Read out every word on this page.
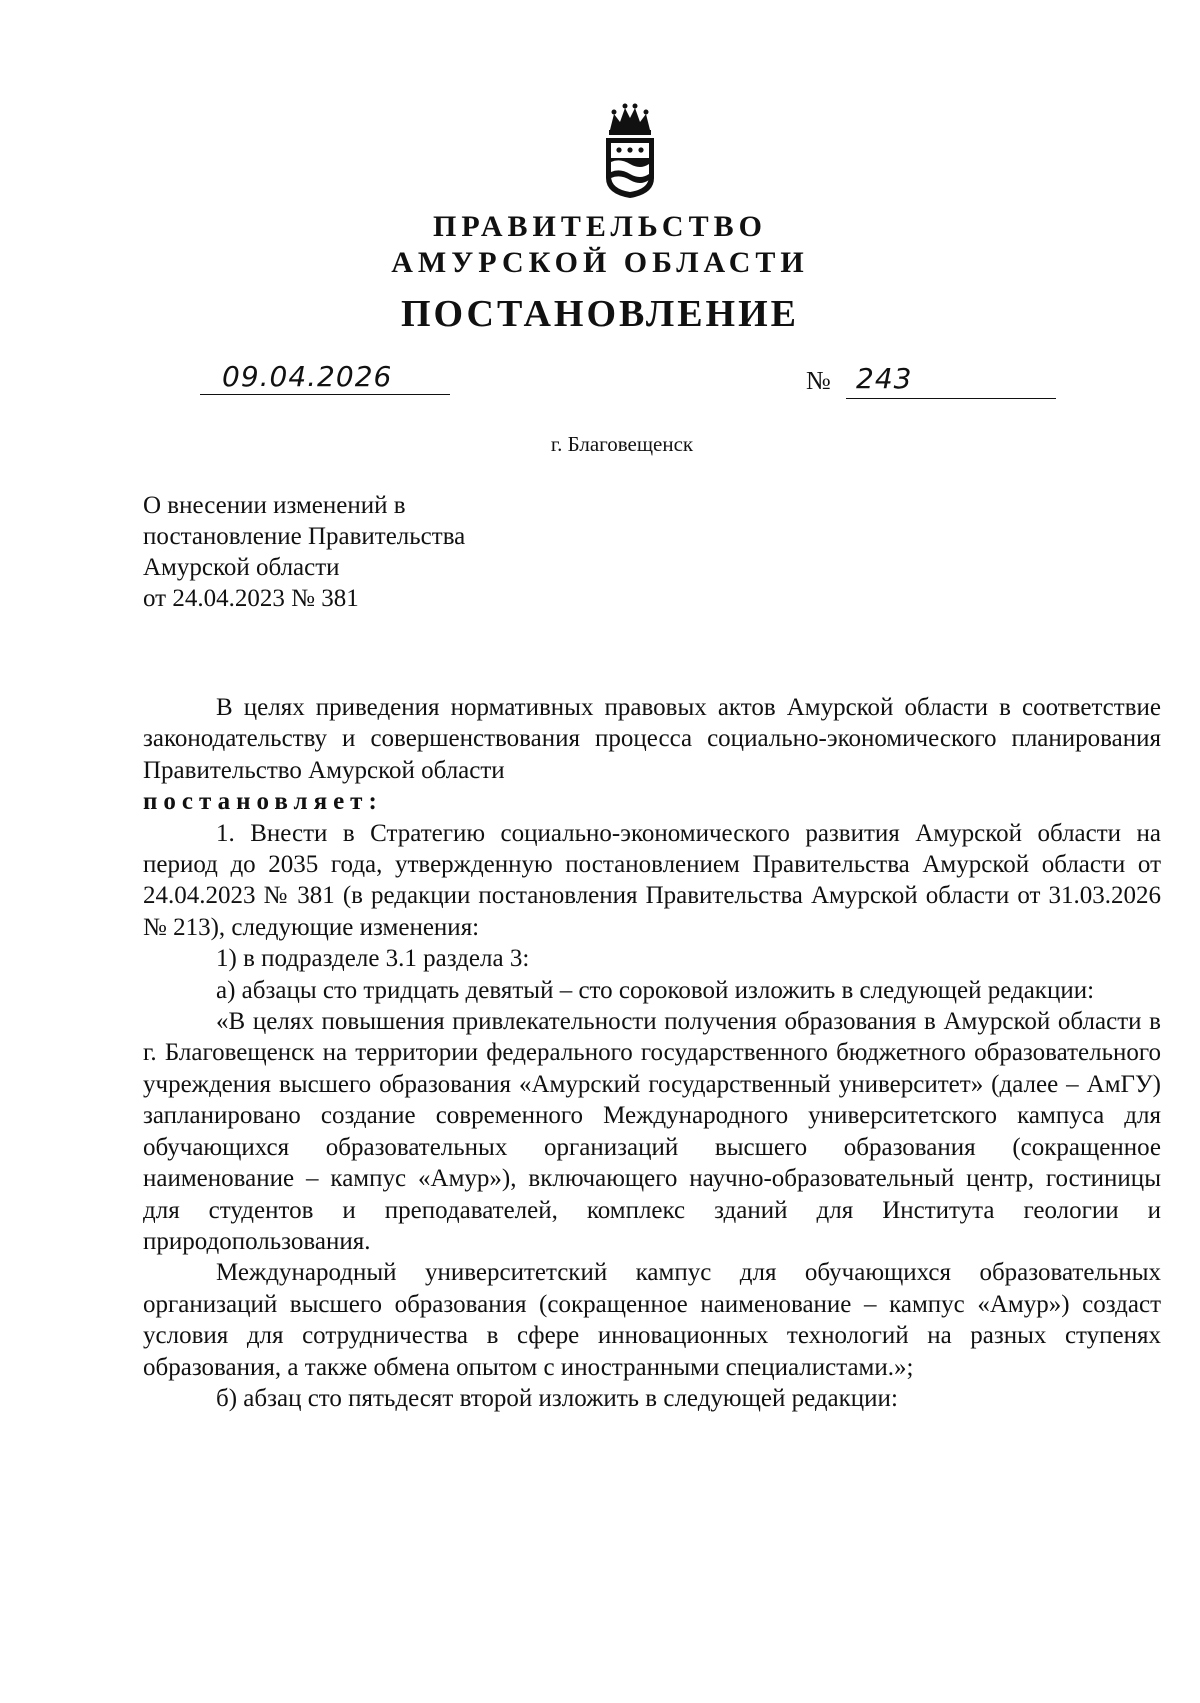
ПРАВИТЕЛЬСТВО
АМУРСКОЙ ОБЛАСТИ
ПОСТАНОВЛЕНИЕ
09.04.2026	№ 243
г. Благовещенск
О внесении изменений в
постановление Правительства
Амурской области
от 24.04.2023 № 381

В целях приведения нормативных правовых актов Амурской области в соответствие законодательству и совершенствования процесса социально-экономического планирования Правительство Амурской области

постановляет:

1. Внести в Стратегию социально-экономического развития Амурской области на период до 2035 года, утвержденную постановлением Правительства Амурской области от 24.04.2023 № 381 (в редакции постановления Правительства Амурской области от 31.03.2026 № 213), следующие изменения:

1) в подразделе 3.1 раздела 3:

а) абзацы сто тридцать девятый – сто сороковой изложить в следующей редакции:

«В целях повышения привлекательности получения образования в Амурской области в г. Благовещенск на территории федерального государственного бюджетного образовательного учреждения высшего образования «Амурский государственный университет» (далее – АмГУ) запланировано создание современного Международного университетского кампуса для обучающихся образовательных организаций высшего образования (сокращенное наименование – кампус «Амур»), включающего научно-образовательный центр, гостиницы для студентов и преподавателей, комплекс зданий для Института геологии и природопользования.

Международный университетский кампус для обучающихся образовательных организаций высшего образования (сокращенное наименование – кампус «Амур») создаст условия для сотрудничества в сфере инновационных технологий на разных ступенях образования, а также обмена опытом с иностранными специалистами.»;

б) абзац сто пятьдесят второй изложить в следующей редакции:
